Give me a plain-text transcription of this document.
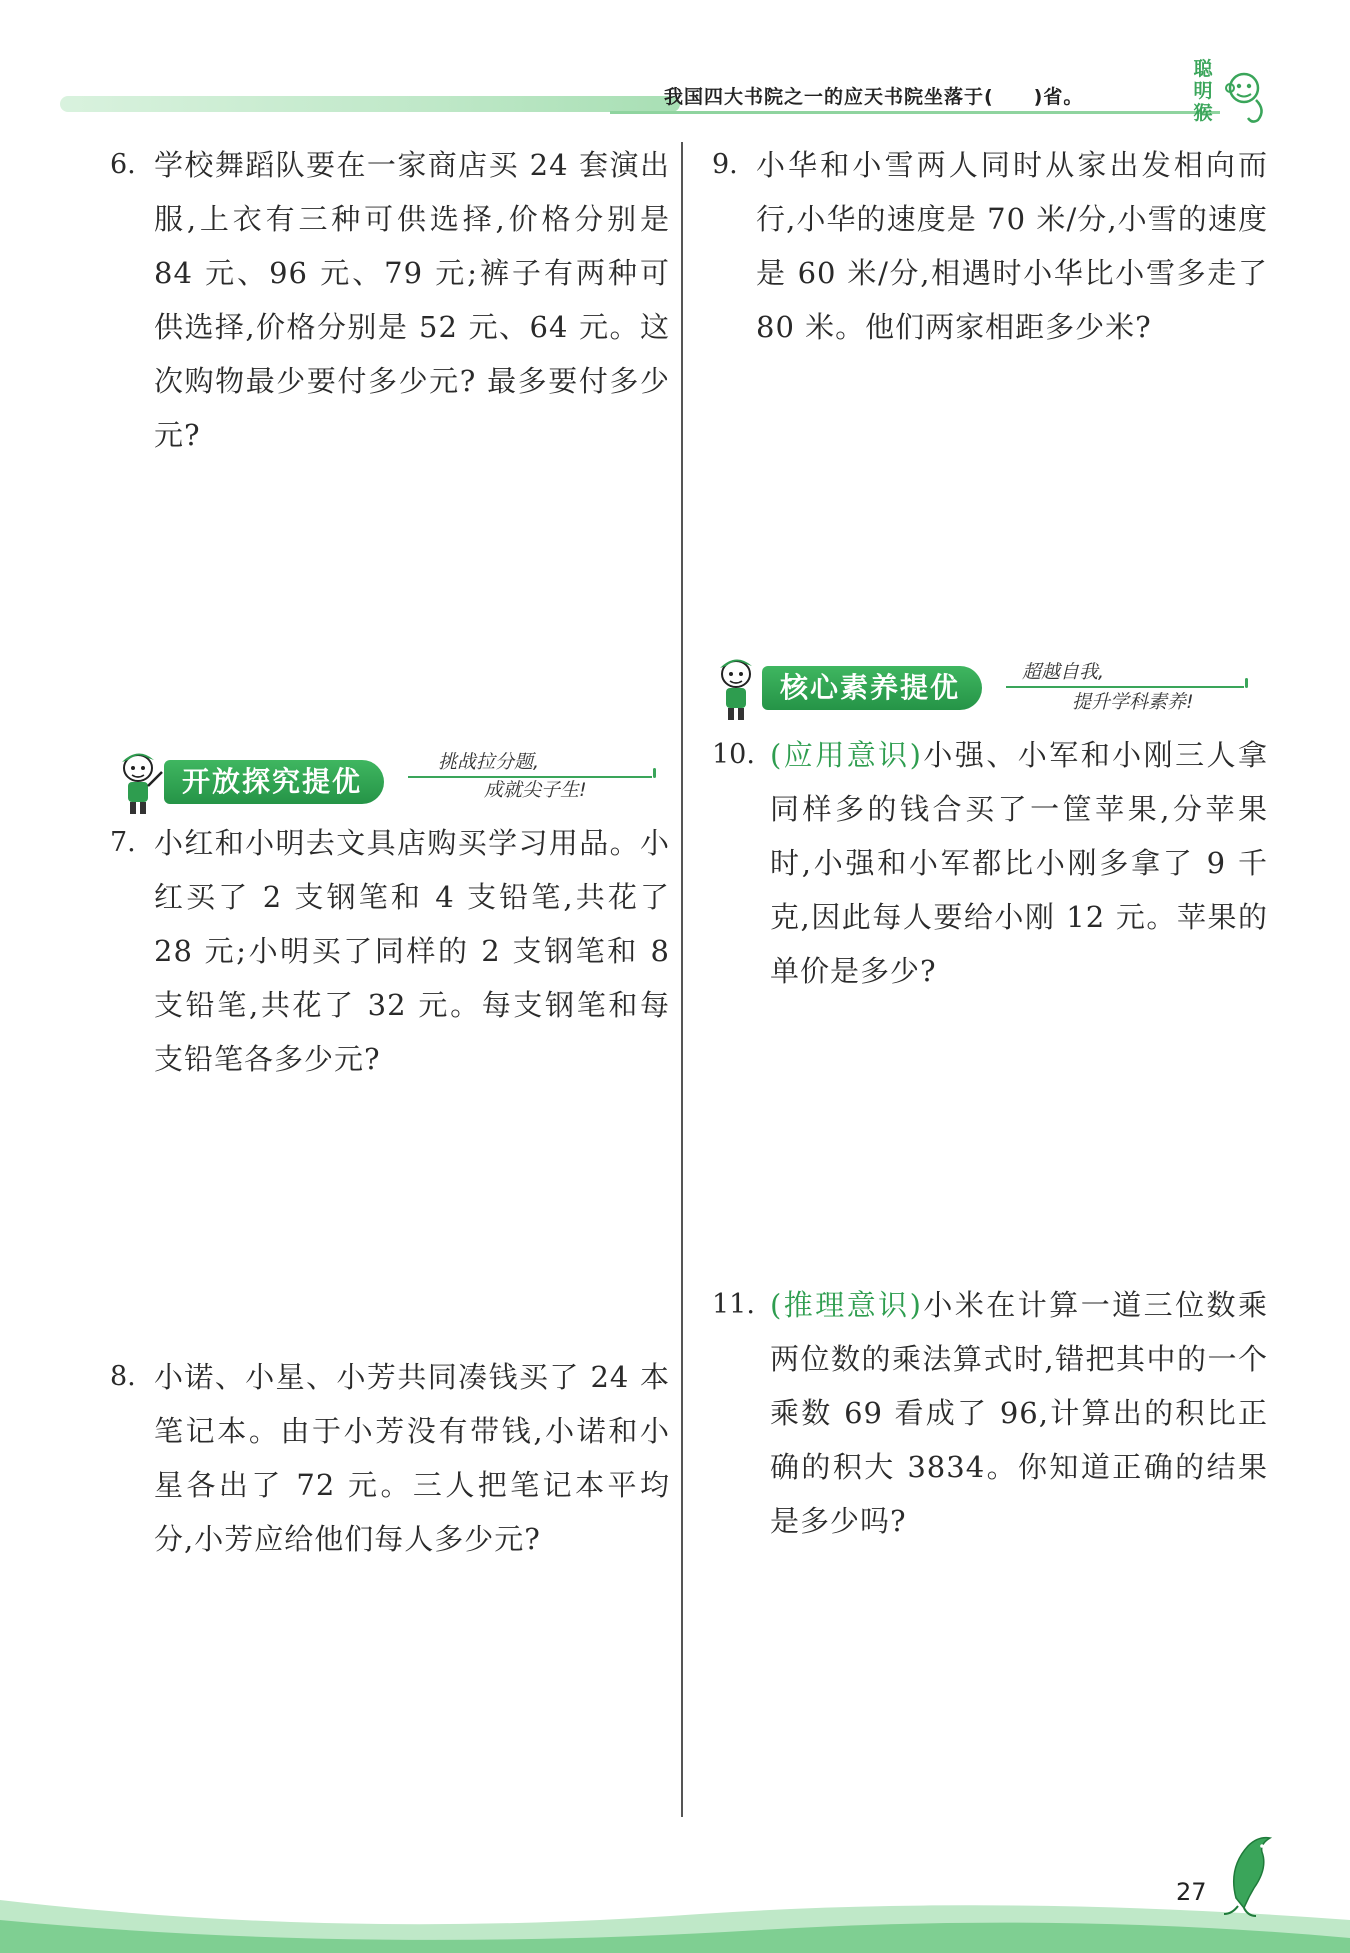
我国四大书院之一的应天书院坐落于(　　)省。
聪
明
猴
6. 学校舞蹈队要在一家商店买 24 套演出服,上衣有三种可供选择,价格分别是 84 元、96 元、79 元;裤子有两种可供选择,价格分别是 52 元、64 元。这次购物最少要付多少元? 最多要付多少元?
开放探究提优
挑战拉分题,
成就尖子生!
7. 小红和小明去文具店购买学习用品。小红买了 2 支钢笔和 4 支铅笔,共花了 28 元;小明买了同样的 2 支钢笔和 8 支铅笔,共花了 32 元。每支钢笔和每支铅笔各多少元?
8. 小诺、小星、小芳共同凑钱买了 24 本笔记本。由于小芳没有带钱,小诺和小星各出了 72 元。三人把笔记本平均分,小芳应给他们每人多少元?
9. 小华和小雪两人同时从家出发相向而行,小华的速度是 70 米/分,小雪的速度是 60 米/分,相遇时小华比小雪多走了 80 米。他们两家相距多少米?
核心素养提优	超越自我,
提升学科素养!
10. (应用意识)小强、小军和小刚三人拿同样多的钱合买了一筐苹果,分苹果时,小强和小军都比小刚多拿了 9 千克,因此每人要给小刚 12 元。苹果的单价是多少?
11. (推理意识)小米在计算一道三位数乘两位数的乘法算式时,错把其中的一个乘数 69 看成了 96,计算出的积比正确的积大 3834。你知道正确的结果是多少吗?
27
